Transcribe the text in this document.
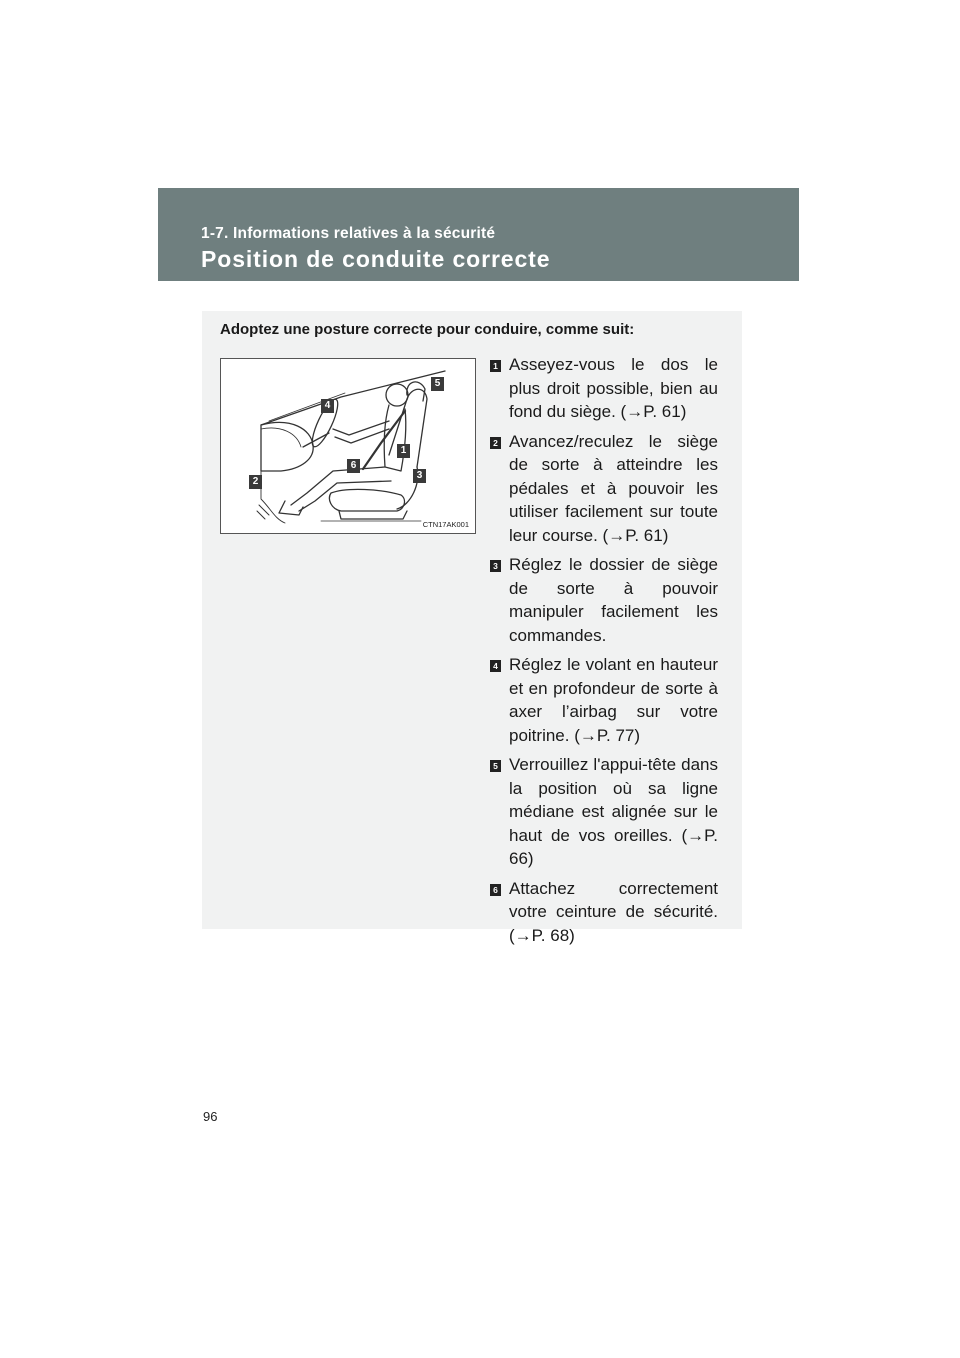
1-7. Informations relatives à la sécurité
Position de conduite correcte
Adoptez une posture correcte pour conduire, comme suit:
5
4
1
6
3
2
CTN17AK001
1 Asseyez-vous le dos le plus droit possible, bien au fond du siège. (→P. 61)
2 Avancez/reculez le siège de sorte à atteindre les pédales et à pouvoir les utiliser facilement sur toute leur course. (→P. 61)
3 Réglez le dossier de siège de sorte à pouvoir manipuler facilement les commandes.
4 Réglez le volant en hauteur et en profondeur de sorte à axer l’airbag sur votre poitrine. (→P. 77)
5 Verrouillez l'appui-tête dans la position où sa ligne médiane est alignée sur le haut de vos oreilles. (→P. 66)
6 Attachez correctement votre ceinture de sécurité. (→P. 68)
96
